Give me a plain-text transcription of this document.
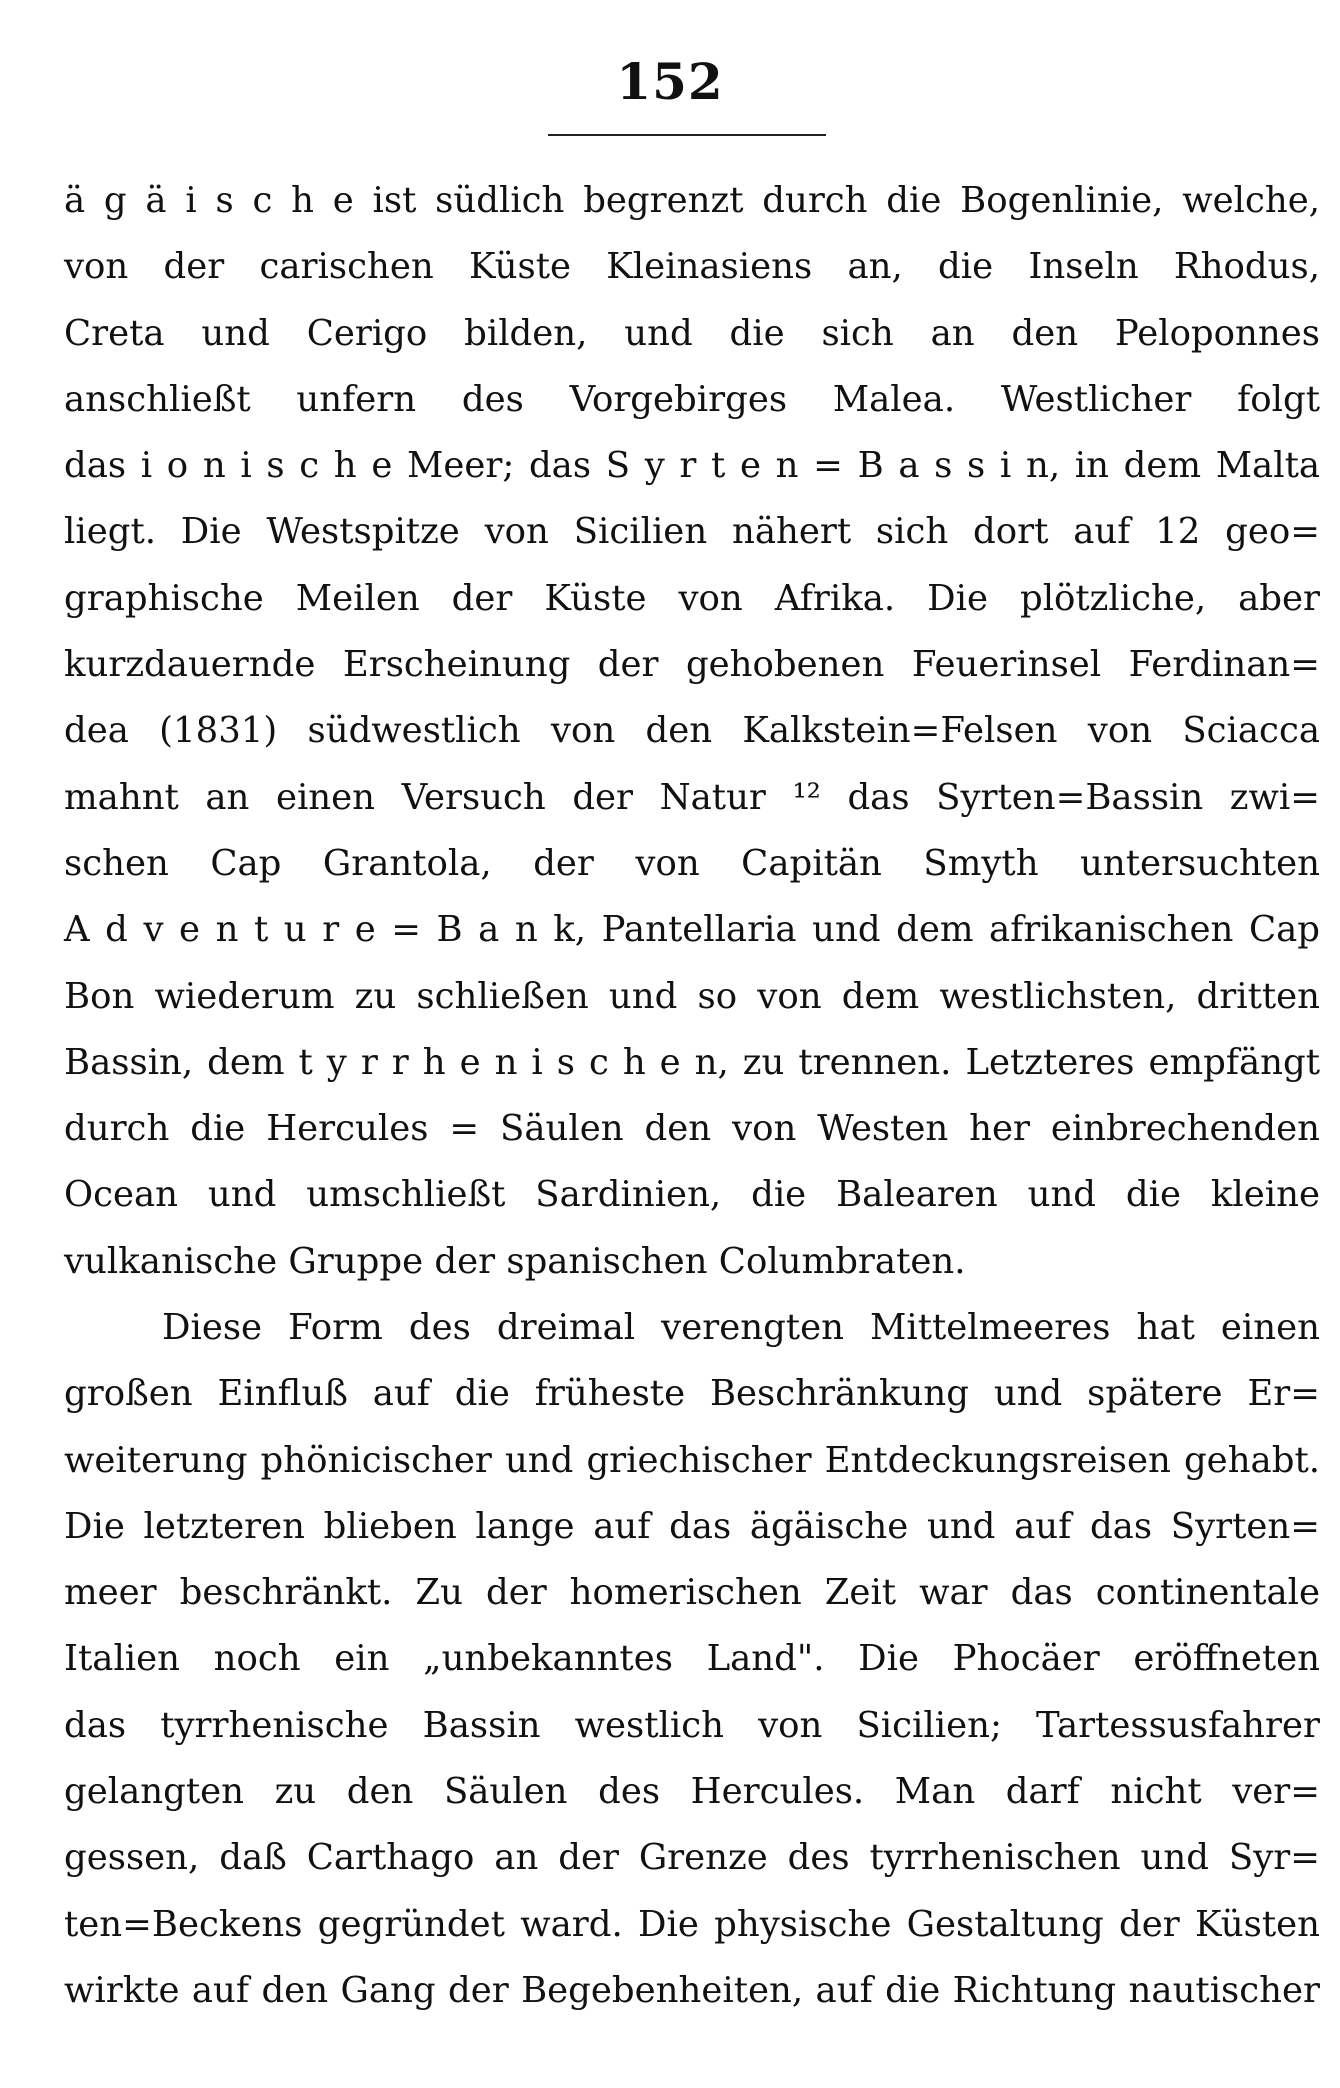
152
ä g ä i s c h e ist südlich begrenzt durch die Bogenlinie, welche,
von der carischen Küste Kleinasiens an, die Inseln Rhodus,
Creta und Cerigo bilden, und die sich an den Peloponnes
anschließt unfern des Vorgebirges Malea. Westlicher folgt
das i o n i s c h e Meer; das S y r t e n = B a s s i n, in dem Malta
liegt. Die Westspitze von Sicilien nähert sich dort auf 12 geo=
graphische Meilen der Küste von Afrika. Die plötzliche, aber
kurzdauernde Erscheinung der gehobenen Feuerinsel Ferdinan=
dea (1831) südwestlich von den Kalkstein=Felsen von Sciacca
mahnt an einen Versuch der Natur ¹² das Syrten=Bassin zwi=
schen Cap Grantola, der von Capitän Smyth untersuchten
A d v e n t u r e = B a n k, Pantellaria und dem afrikanischen Cap
Bon wiederum zu schließen und so von dem westlichsten, dritten
Bassin, dem t y r r h e n i s c h e n, zu trennen. Letzteres empfängt
durch die Hercules = Säulen den von Westen her einbrechenden
Ocean und umschließt Sardinien, die Balearen und die kleine
vulkanische Gruppe der spanischen Columbraten.
Diese Form des dreimal verengten Mittelmeeres hat einen
großen Einfluß auf die früheste Beschränkung und spätere Er=
weiterung phönicischer und griechischer Entdeckungsreisen gehabt.
Die letzteren blieben lange auf das ägäische und auf das Syrten=
meer beschränkt. Zu der homerischen Zeit war das continentale
Italien noch ein „unbekanntes Land". Die Phocäer eröffneten
das tyrrhenische Bassin westlich von Sicilien; Tartessusfahrer
gelangten zu den Säulen des Hercules. Man darf nicht ver=
gessen, daß Carthago an der Grenze des tyrrhenischen und Syr=
ten=Beckens gegründet ward. Die physische Gestaltung der Küsten
wirkte auf den Gang der Begebenheiten, auf die Richtung nautischer
